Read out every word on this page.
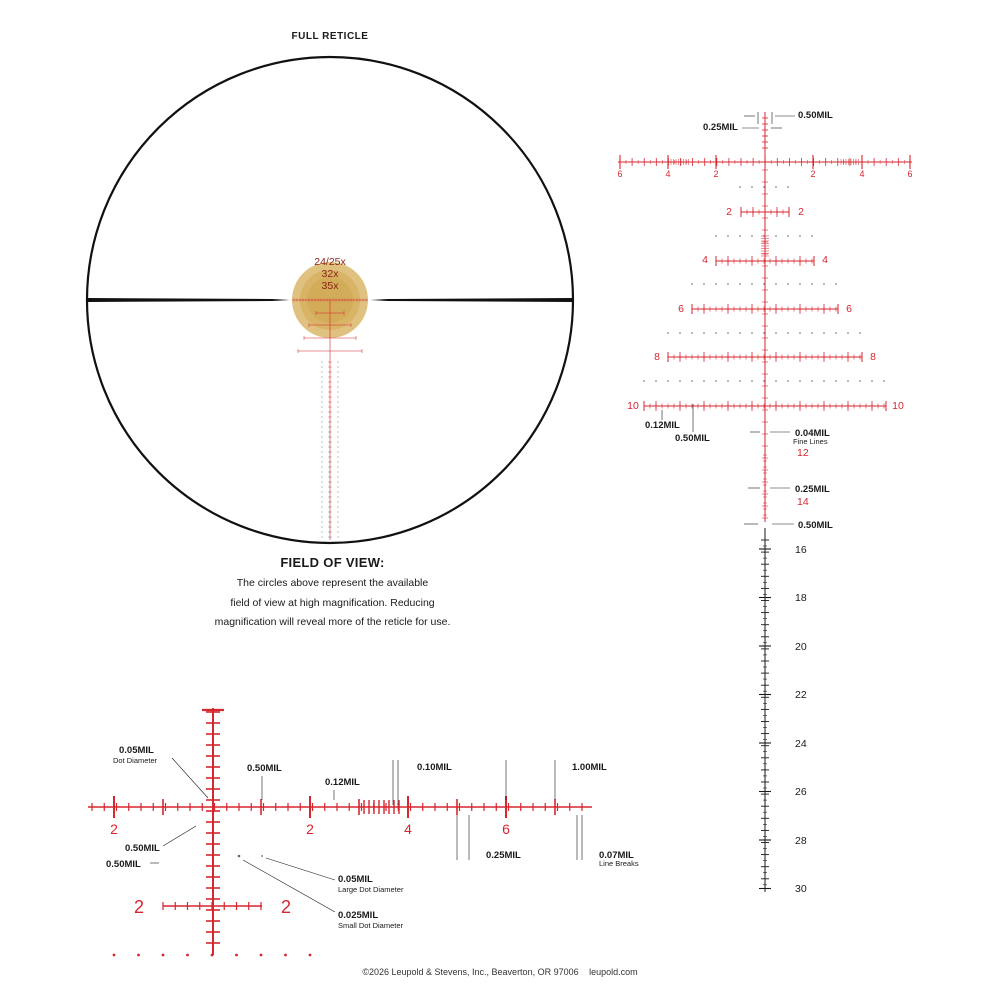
FULL RETICLE
24/25x
32x
35x
0.50MIL
0.25MIL
6	4	2	2	4	6
2	2
4	4
6	6
8	8
10	10
12
14
0.12MIL
0.50MIL	0.04MIL
0.25MIL
0.50MIL
Fine Lines
16
18
20
22
24
26
28
30
2	2	4	6
2	2
0.05MIL
0.50MIL
0.12MIL
0.10MIL	1.00MIL
0.50MIL
0.50MIL
0.25MIL	0.07MIL
0.05MIL
0.025MIL
Dot Diameter
Line Breaks
Large Dot Diameter
Small Dot Diameter
FIELD OF VIEW:
The circles above represent the available
field of view at high magnification. Reducing
magnification will reveal more of the reticle for use.
©2026 Leupold & Stevens, Inc., Beaverton, OR 97006 leupold.com
